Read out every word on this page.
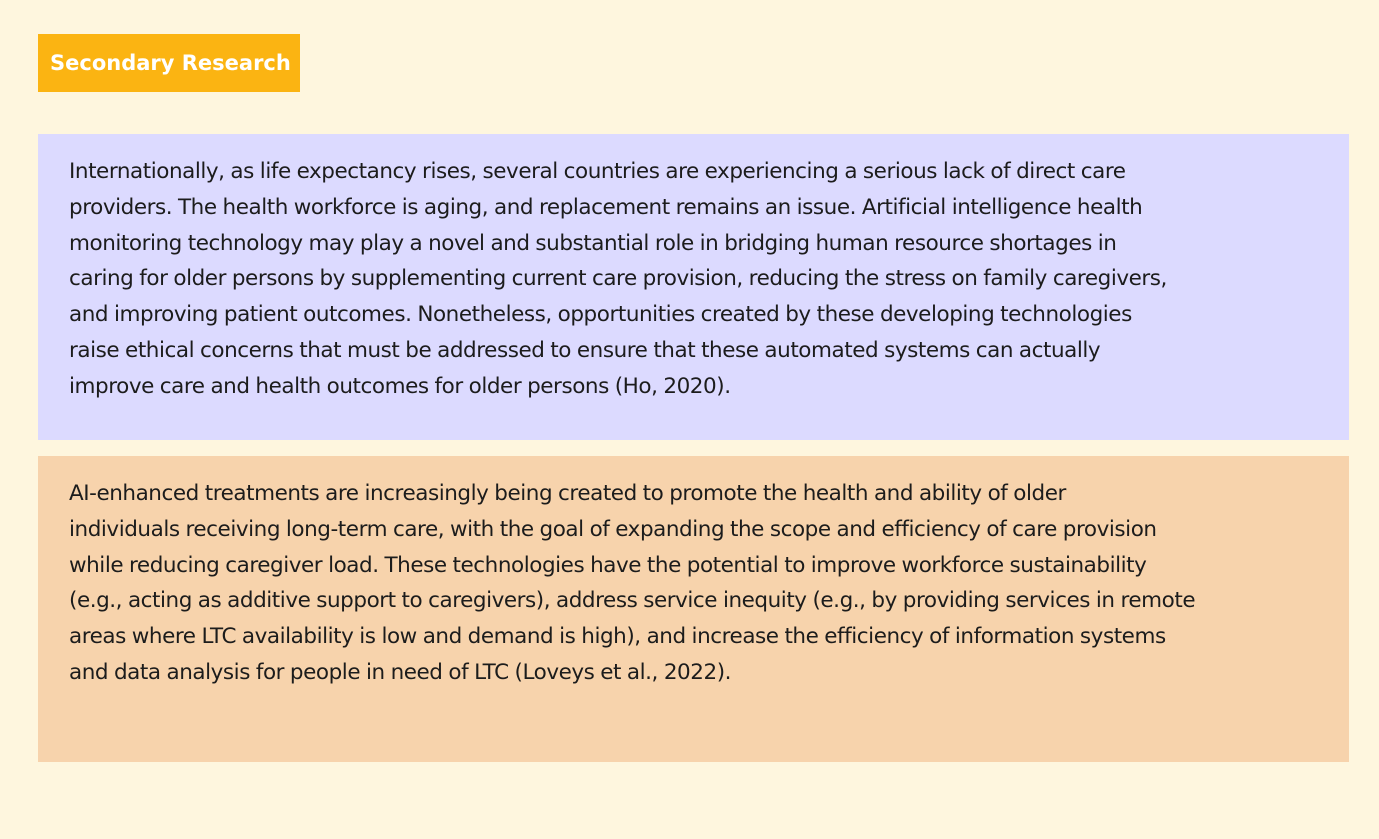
Secondary Research

Internationally, as life expectancy rises, several countries are experiencing a serious lack of direct care
providers. The health workforce is aging, and replacement remains an issue. Artificial intelligence health
monitoring technology may play a novel and substantial role in bridging human resource shortages in
caring for older persons by supplementing current care provision, reducing the stress on family caregivers,
and improving patient outcomes. Nonetheless, opportunities created by these developing technologies
raise ethical concerns that must be addressed to ensure that these automated systems can actually
improve care and health outcomes for older persons (Ho, 2020).

AI-enhanced treatments are increasingly being created to promote the health and ability of older
individuals receiving long-term care, with the goal of expanding the scope and efficiency of care provision
while reducing caregiver load. These technologies have the potential to improve workforce sustainability
(e.g., acting as additive support to caregivers), address service inequity (e.g., by providing services in remote
areas where LTC availability is low and demand is high), and increase the efficiency of information systems
and data analysis for people in need of LTC (Loveys et al., 2022).
